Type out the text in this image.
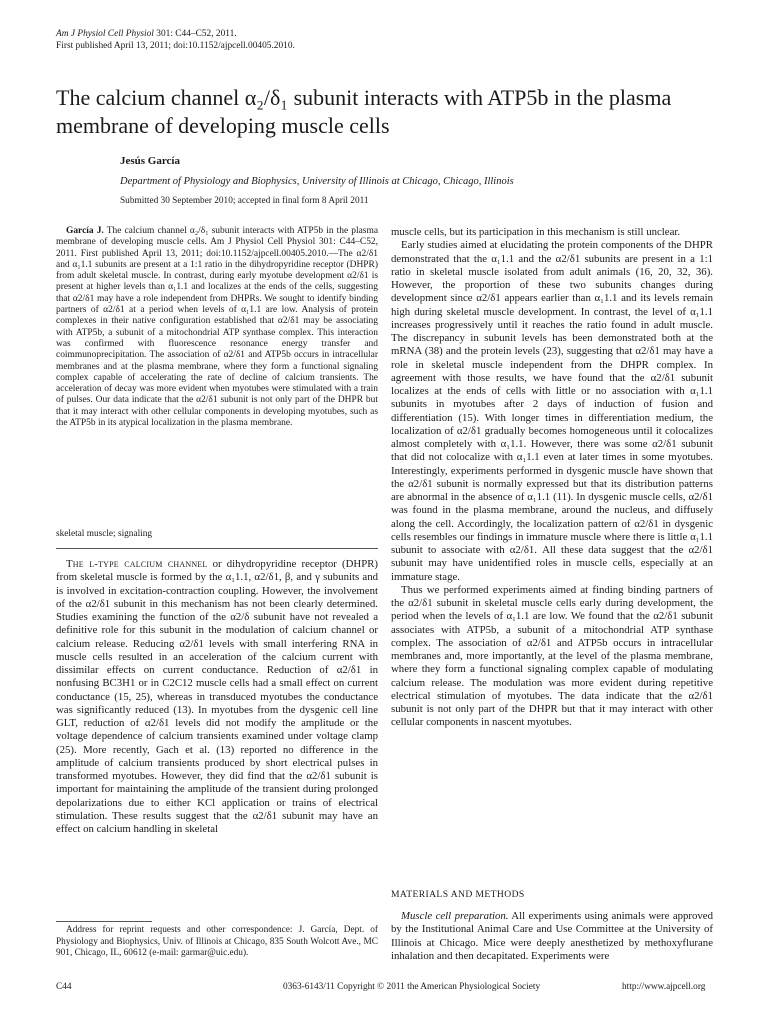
Am J Physiol Cell Physiol 301: C44–C52, 2011.
First published April 13, 2011; doi:10.1152/ajpcell.00405.2010.
The calcium channel α₂/δ₁ subunit interacts with ATP5b in the plasma membrane of developing muscle cells
Jesús García
Department of Physiology and Biophysics, University of Illinois at Chicago, Chicago, Illinois
Submitted 30 September 2010; accepted in final form 8 April 2011

García J. The calcium channel α₂/δ₁ subunit interacts with ATP5b in the plasma membrane of developing muscle cells. Am J Physiol Cell Physiol 301: C44–C52, 2011. First published April 13, 2011; doi:10.1152/ajpcell.00405.2010.—The α2/δ1 and α₁1.1 subunits are present at a 1:1 ratio in the dihydropyridine receptor (DHPR) from adult skeletal muscle. In contrast, during early myotube development α2/δ1 is present at higher levels than α₁1.1 and localizes at the ends of the cells, suggesting that α2/δ1 may have a role independent from DHPRs. We sought to identify binding partners of α2/δ1 at a period when levels of α₁1.1 are low. Analysis of protein complexes in their native configuration established that α2/δ1 may be associating with ATP5b, a subunit of a mitochondrial ATP synthase complex. This interaction was confirmed with fluorescence resonance energy transfer and coimmunoprecipitation. The association of α2/δ1 and ATP5b occurs in intracellular membranes and at the plasma membrane, where they form a functional signaling complex capable of accelerating the rate of decline of calcium transients. The acceleration of decay was more evident when myotubes were stimulated with a train of pulses. Our data indicate that the α2/δ1 subunit is not only part of the DHPR but that it may interact with other cellular components in developing myotubes, such as the ATP5b in its atypical localization in the plasma membrane.

skeletal muscle; signaling

The l-type calcium channel or dihydropyridine receptor (DHPR) from skeletal muscle is formed by the α₁1.1, α2/δ1, β, and γ subunits and is involved in excitation-contraction coupling. However, the involvement of the α2/δ1 subunit in this mechanism has not been clearly determined. Studies examining the function of the α2/δ subunit have not revealed a definitive role for this subunit in the modulation of calcium channel or calcium release. Reducing α2/δ1 levels with small interfering RNA in muscle cells resulted in an acceleration of the calcium current with dissimilar effects on current conductance. Reduction of α2/δ1 in nonfusing BC3H1 or in C2C12 muscle cells had a small effect on current conductance (15, 25), whereas in transduced myotubes the conductance was significantly reduced (13). In myotubes from the dysgenic cell line GLT, reduction of α2/δ1 levels did not modify the amplitude or the voltage dependence of calcium transients examined under voltage clamp (25). More recently, Gach et al. (13) reported no difference in the amplitude of calcium transients produced by short electrical pulses in transformed myotubes. However, they did find that the α2/δ1 subunit is important for maintaining the amplitude of the transient during prolonged depolarizations due to either KCl application or trains of electrical stimulation. These results suggest that the α2/δ1 subunit may have an effect on calcium handling in skeletal

Address for reprint requests and other correspondence: J. García, Dept. of Physiology and Biophysics, Univ. of Illinois at Chicago, 835 South Wolcott Ave., MC 901, Chicago, IL, 60612 (e-mail: garmar@uic.edu).

muscle cells, but its participation in this mechanism is still unclear.

Early studies aimed at elucidating the protein components of the DHPR demonstrated that the α₁1.1 and the α2/δ1 subunits are present in a 1:1 ratio in skeletal muscle isolated from adult animals (16, 20, 32, 36). However, the proportion of these two subunits changes during development since α2/δ1 appears earlier than α₁1.1 and its levels remain high during skeletal muscle development. In contrast, the level of α₁1.1 increases progressively until it reaches the ratio found in adult muscle. The discrepancy in subunit levels has been demonstrated both at the mRNA (38) and the protein levels (23), suggesting that α2/δ1 may have a role in skeletal muscle independent from the DHPR complex. In agreement with those results, we have found that the α2/δ1 subunit localizes at the ends of cells with little or no association with α₁1.1 subunits in myotubes after 2 days of induction of fusion and differentiation (15). With longer times in differentiation medium, the localization of α2/δ1 gradually becomes homogeneous until it colocalizes almost completely with α₁1.1. However, there was some α2/δ1 subunit that did not colocalize with α₁1.1 even at later times in some myotubes. Interestingly, experiments performed in dysgenic muscle have shown that the α2/δ1 subunit is normally expressed but that its distribution patterns are abnormal in the absence of α₁1.1 (11). In dysgenic muscle cells, α2/δ1 was found in the plasma membrane, around the nucleus, and diffusely along the cell. Accordingly, the localization pattern of α2/δ1 in dysgenic cells resembles our findings in immature muscle where there is little α₁1.1 subunit to associate with α2/δ1. All these data suggest that the α2/δ1 subunit may have unidentified roles in muscle cells, especially at an immature stage.

Thus we performed experiments aimed at finding binding partners of the α2/δ1 subunit in skeletal muscle cells early during development, the period when the levels of α₁1.1 are low. We found that the α2/δ1 subunit associates with ATP5b, a subunit of a mitochondrial ATP synthase complex. The association of α2/δ1 and ATP5b occurs in intracellular membranes and, more importantly, at the level of the plasma membrane, where they form a functional signaling complex capable of modulating calcium release. The modulation was more evident during repetitive electrical stimulation of myotubes. The data indicate that the α2/δ1 subunit is not only part of the DHPR but that it may interact with other cellular components in nascent myotubes.

MATERIALS AND METHODS

Muscle cell preparation. All experiments using animals were approved by the Institutional Animal Care and Use Committee at the University of Illinois at Chicago. Mice were deeply anesthetized by methoxyflurane inhalation and then decapitated. Experiments were

C44	0363-6143/11 Copyright © 2011 the American Physiological Society	http://www.ajpcell.org
